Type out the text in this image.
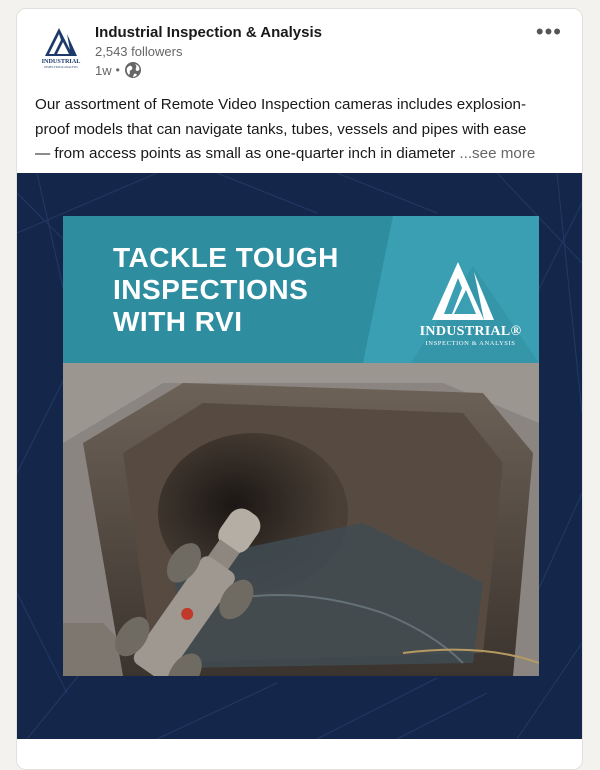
INDUSTRIAL
INSPECTION & ANALYSIS
Industrial Inspection & Analysis
2,543 followers
1w •
•••
Our assortment of Remote Video Inspection cameras includes explosion-
proof models that can navigate tanks, tubes, vessels and pipes with ease
— from access points as small as one-quarter inch in diameter ...see more
TACKLE TOUGH
INSPECTIONS
WITH RVI	INDUSTRIAL®
INSPECTION & ANALYSIS
